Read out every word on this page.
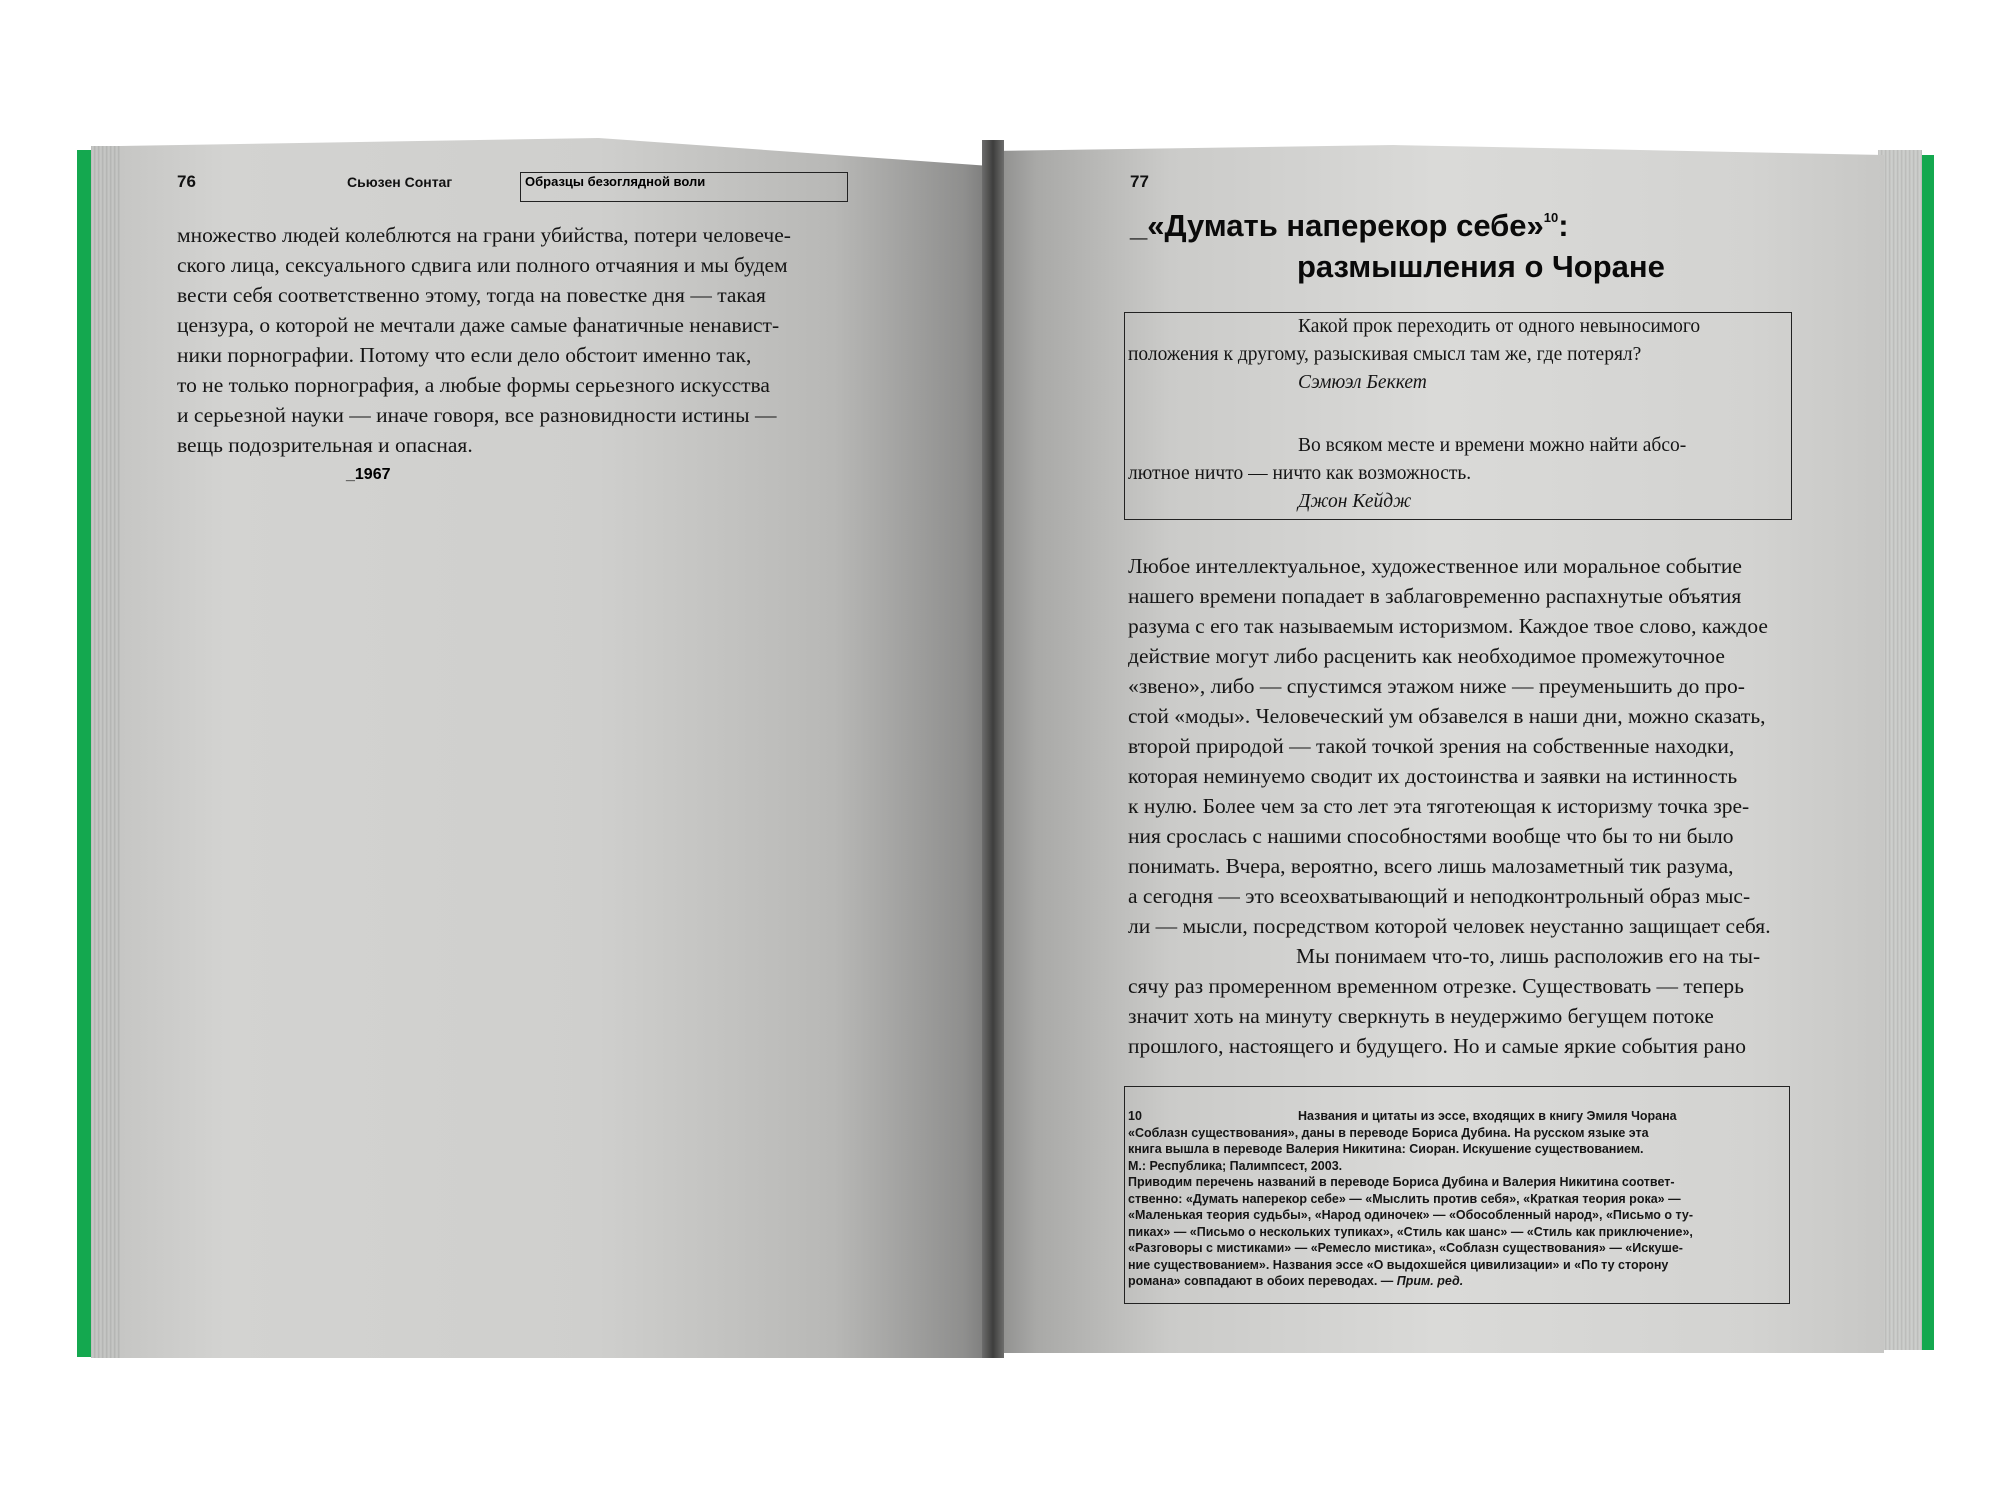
76	Сьюзен Сонтаг	Образцы безоглядной воли
множество людей колеблются на грани убийства, потери человече-
ского лица, сексуального сдвига или полного отчаяния и мы будем
вести себя соответственно этому, тогда на повестке дня — такая
цензура, о которой не мечтали даже самые фанатичные ненавист-
ники порнографии. Потому что если дело обстоит именно так,
то не только порнография, а любые формы серьезного искусства
и серьезной науки — иначе говоря, все разновидности истины —
вещь подозрительная и опасная.
_1967
77
_«Думать наперекор себе»$^{10}$:
размышления о Чоране
Какой прок переходить от одного невыносимого
положения к другому, разыскивая смысл там же, где потерял?
Сэмюэл Беккет
Во всяком месте и времени можно найти абсо-
лютное ничто — ничто как возможность.
Джон Кейдж
Любое интеллектуальное, художественное или моральное событие
нашего времени попадает в заблаговременно распахнутые объятия
разума с его так называемым историзмом. Каждое твое слово, каждое
действие могут либо расценить как необходимое промежуточное
«звено», либо — спустимся этажом ниже — преуменьшить до про-
стой «моды». Человеческий ум обзавелся в наши дни, можно сказать,
второй природой — такой точкой зрения на собственные находки,
которая неминуемо сводит их достоинства и заявки на истинность
к нулю. Более чем за сто лет эта тяготеющая к историзму точка зре-
ния срослась с нашими способностями вообще что бы то ни было
понимать. Вчера, вероятно, всего лишь малозаметный тик разума,
а сегодня — это всеохватывающий и неподконтрольный образ мыс-
ли — мысли, посредством которой человек неустанно защищает себя.
Мы понимаем что-то, лишь расположив его на ты-
сячу раз промеренном временном отрезке. Существовать — теперь
значит хоть на минуту сверкнуть в неудержимо бегущем потоке
прошлого, настоящего и будущего. Но и самые яркие события рано
10	Названия и цитаты из эссе, входящих в книгу Эмиля Чорана
«Соблазн существования», даны в переводе Бориса Дубина. На русском языке эта
книга вышла в переводе Валерия Никитина: Сиоран. Искушение существованием.
М.: Республика; Палимпсест, 2003.
Приводим перечень названий в переводе Бориса Дубина и Валерия Никитина соответ-
ственно: «Думать наперекор себе» — «Мыслить против себя», «Краткая теория рока» —
«Маленькая теория судьбы», «Народ одиночек» — «Обособленный народ», «Письмо о ту-
пиках» — «Письмо о нескольких тупиках», «Стиль как шанс» — «Стиль как приключение»,
«Разговоры с мистиками» — «Ремесло мистика», «Соблазн существования» — «Искуше-
ние существованием». Названия эссе «О выдохшейся цивилизации» и «По ту сторону
романа» совпадают в обоих переводах. — Прим. ред.
